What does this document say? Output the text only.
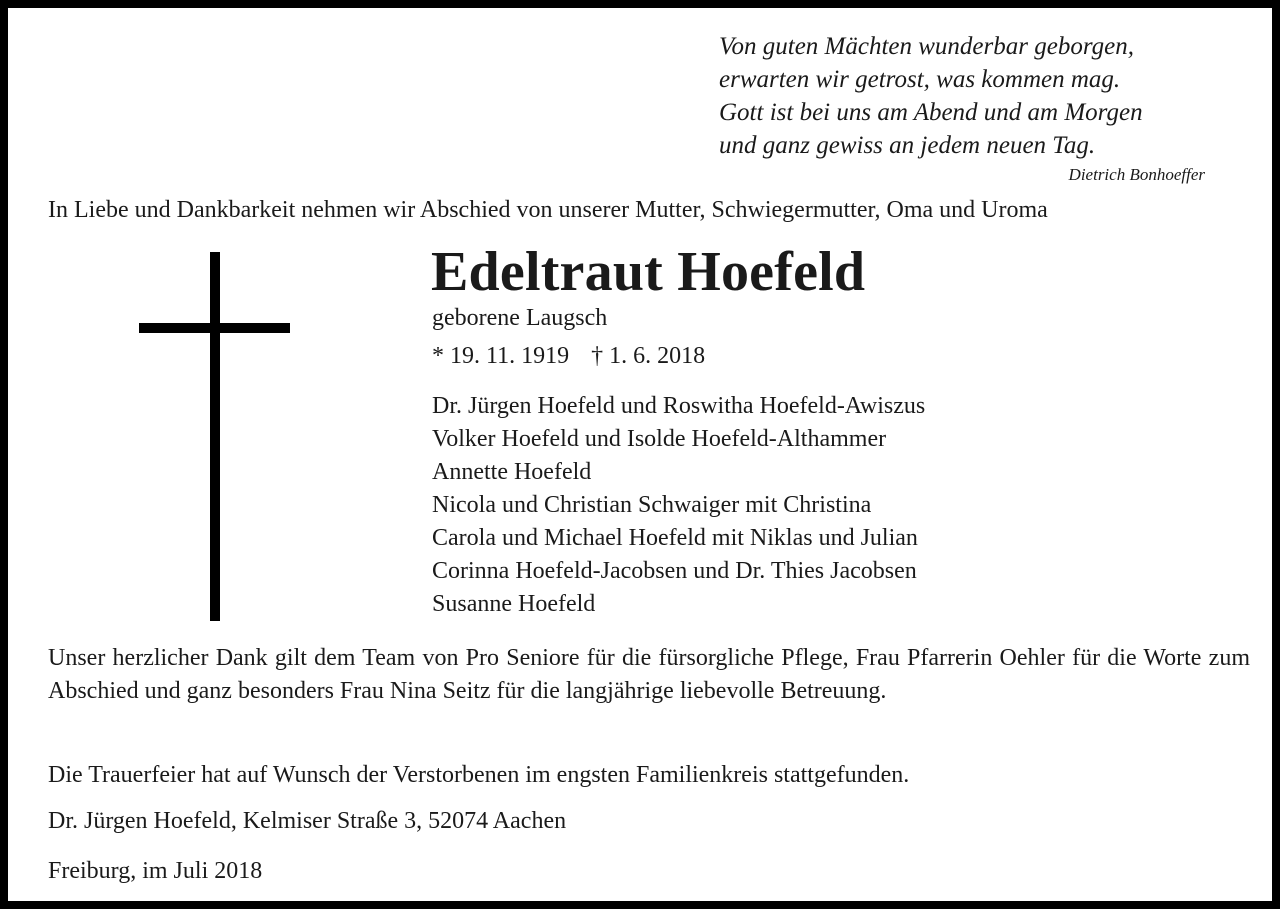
Von guten Mächten wunderbar geborgen,
erwarten wir getrost, was kommen mag.
Gott ist bei uns am Abend und am Morgen
und ganz gewiss an jedem neuen Tag.
Dietrich Bonhoeffer
In Liebe und Dankbarkeit nehmen wir Abschied von unserer Mutter, Schwiegermutter, Oma und Uroma
Edeltraut Hoefeld
geborene Laugsch
* 19. 11. 1919 † 1. 6. 2018
Dr. Jürgen Hoefeld und Roswitha Hoefeld-Awiszus
Volker Hoefeld und Isolde Hoefeld-Althammer
Annette Hoefeld
Nicola und Christian Schwaiger mit Christina
Carola und Michael Hoefeld mit Niklas und Julian
Corinna Hoefeld-Jacobsen und Dr. Thies Jacobsen
Susanne Hoefeld

Unser herzlicher Dank gilt dem Team von Pro Seniore für die fürsorgliche Pflege, Frau Pfarrerin Oehler für die Worte zum Abschied und ganz besonders Frau Nina Seitz für die langjährige liebevolle Betreuung.

Die Trauerfeier hat auf Wunsch der Verstorbenen im engsten Familienkreis stattgefunden.

Dr. Jürgen Hoefeld, Kelmiser Straße 3, 52074 Aachen

Freiburg, im Juli 2018
